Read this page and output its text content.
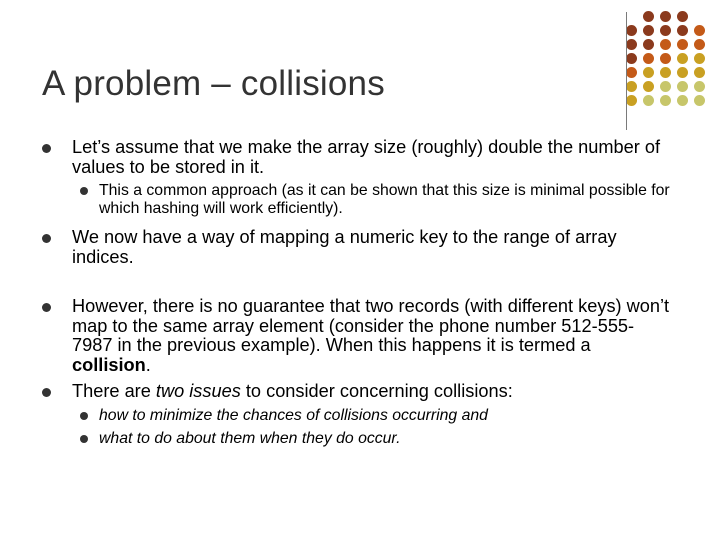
A problem – collisions
Let’s assume that we make the array size (roughly) double the number of values to be stored in it.
This a common approach (as it can be shown that this size is minimal possible for which hashing will work efficiently).
We now have a way of mapping a numeric key to the range of array indices.
However, there is no guarantee that two records (with different keys) won’t map to the same array element (consider the phone number 512-555-7987 in the previous example). When this happens it is termed a collision.
There are two issues to consider concerning collisions:
how to minimize the chances of collisions occurring and
what to do about them when they do occur.
